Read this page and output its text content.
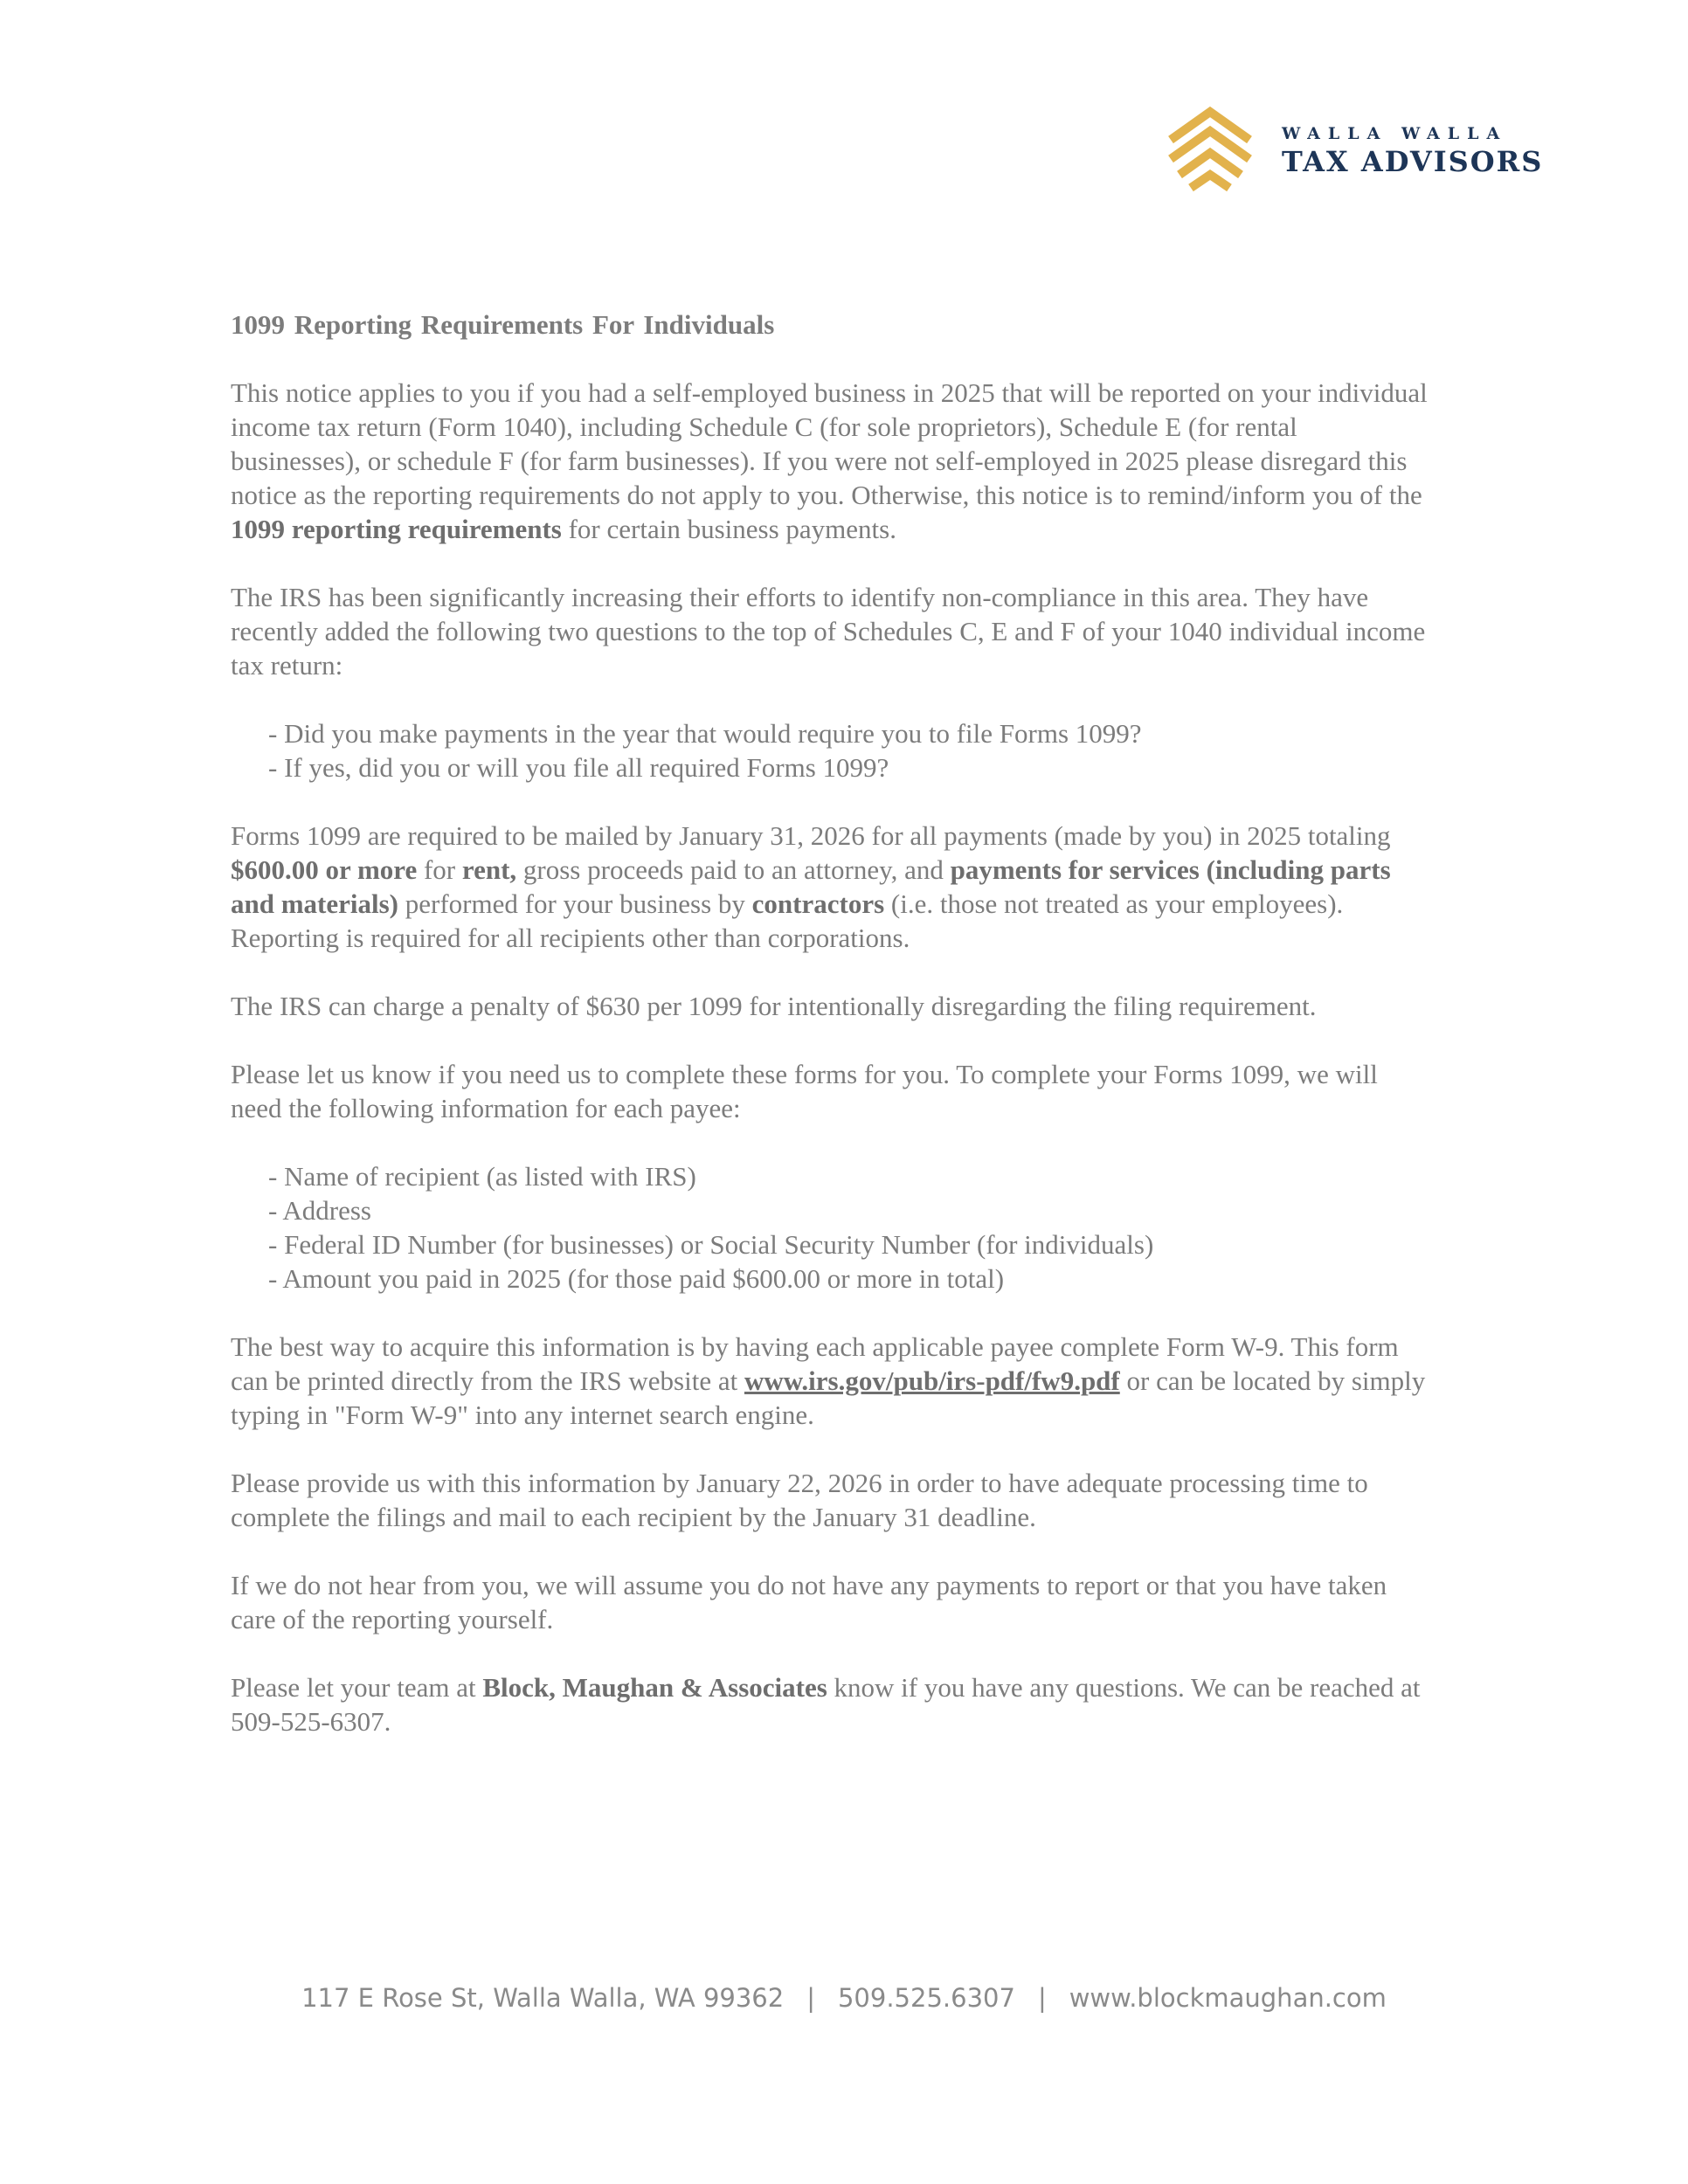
WALLA WALLA
TAX ADVISORS
1099 Reporting Requirements For Individuals

This notice applies to you if you had a self-employed business in 2025 that will be reported on your individual income tax return (Form 1040), including Schedule C (for sole proprietors), Schedule E (for rental businesses), or schedule F (for farm businesses). If you were not self-employed in 2025 please disregard this notice as the reporting requirements do not apply to you. Otherwise, this notice is to remind/inform you of the 1099 reporting requirements for certain business payments.

The IRS has been significantly increasing their efforts to identify non-compliance in this area. They have recently added the following two questions to the top of Schedules C, E and F of your 1040 individual income tax return:

- Did you make payments in the year that would require you to file Forms 1099?
- If yes, did you or will you file all required Forms 1099?

Forms 1099 are required to be mailed by January 31, 2026 for all payments (made by you) in 2025 totaling $600.00 or more for rent, gross proceeds paid to an attorney, and payments for services (including parts and materials) performed for your business by contractors (i.e. those not treated as your employees). Reporting is required for all recipients other than corporations.

The IRS can charge a penalty of $630 per 1099 for intentionally disregarding the filing requirement.

Please let us know if you need us to complete these forms for you. To complete your Forms 1099, we will need the following information for each payee:

- Name of recipient (as listed with IRS)
- Address
- Federal ID Number (for businesses) or Social Security Number (for individuals)
- Amount you paid in 2025 (for those paid $600.00 or more in total)

The best way to acquire this information is by having each applicable payee complete Form W-9. This form can be printed directly from the IRS website at www.irs.gov/pub/irs-pdf/fw9.pdf or can be located by simply typing in "Form W-9" into any internet search engine.

Please provide us with this information by January 22, 2026 in order to have adequate processing time to complete the filings and mail to each recipient by the January 31 deadline.

If we do not hear from you, we will assume you do not have any payments to report or that you have taken care of the reporting yourself.

Please let your team at Block, Maughan & Associates know if you have any questions. We can be reached at 509-525-6307.

117 E Rose St, Walla Walla, WA 99362 | 509.525.6307 | www.blockmaughan.com
